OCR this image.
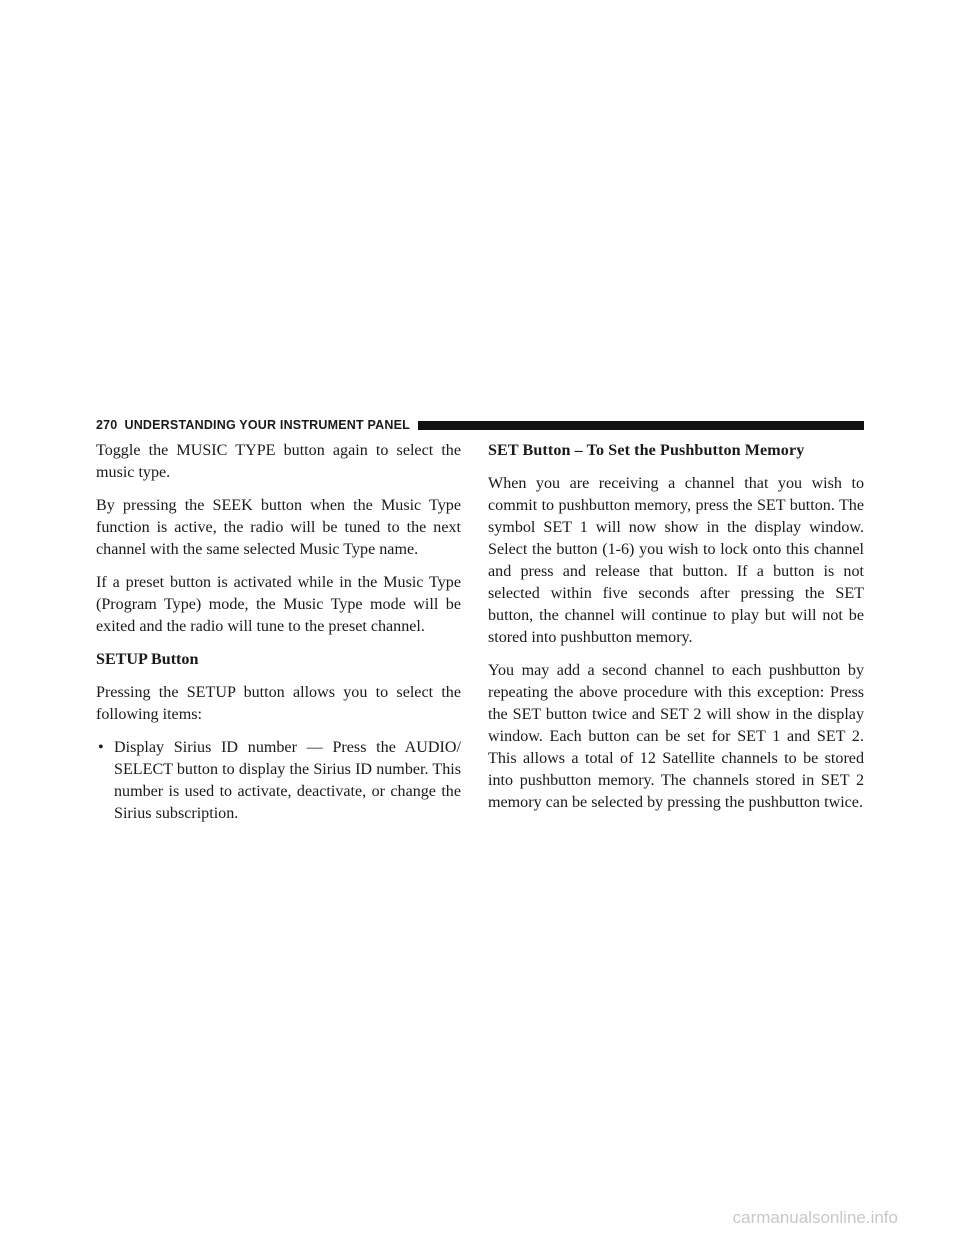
270 UNDERSTANDING YOUR INSTRUMENT PANEL

Toggle the MUSIC TYPE button again to select the music type.

By pressing the SEEK button when the Music Type function is active, the radio will be tuned to the next channel with the same selected Music Type name.

If a preset button is activated while in the Music Type (Program Type) mode, the Music Type mode will be exited and the radio will tune to the preset channel.

SETUP Button

Pressing the SETUP button allows you to select the following items:

• Display Sirius ID number — Press the AUDIO/ SELECT button to display the Sirius ID number. This number is used to activate, deactivate, or change the Sirius subscription.

SET Button – To Set the Pushbutton Memory

When you are receiving a channel that you wish to commit to pushbutton memory, press the SET button. The symbol SET 1 will now show in the display window. Select the button (1-6) you wish to lock onto this channel and press and release that button. If a button is not selected within five seconds after pressing the SET button, the channel will continue to play but will not be stored into pushbutton memory.

You may add a second channel to each pushbutton by repeating the above procedure with this exception: Press the SET button twice and SET 2 will show in the display window. Each button can be set for SET 1 and SET 2. This allows a total of 12 Satellite channels to be stored into pushbutton memory. The channels stored in SET 2 memory can be selected by pressing the pushbutton twice.

carmanualsonline.info
